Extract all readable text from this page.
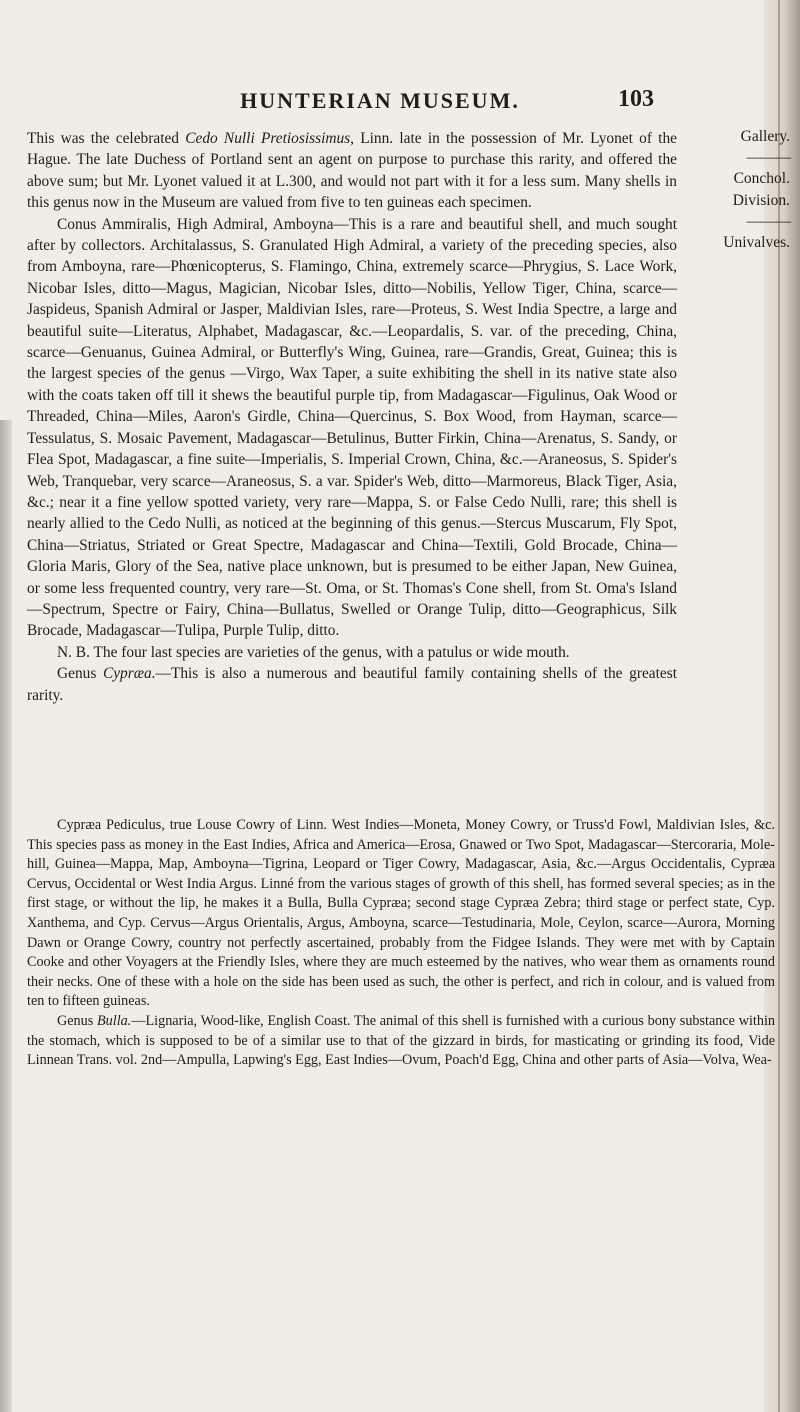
HUNTERIAN MUSEUM.	103
Gallery.
———
Conchol.
Division.
———
Univalves.

This was the celebrated Cedo Nulli Pretiosissimus, Linn. late in the possession of Mr. Lyonet of the Hague. The late Duchess of Portland sent an agent on purpose to purchase this rarity, and offered the above sum; but Mr. Lyonet valued it at L.300, and would not part with it for a less sum. Many shells in this genus now in the Museum are valued from five to ten guineas each specimen.

Conus Ammiralis, High Admiral, Amboyna—This is a rare and beautiful shell, and much sought after by collectors. Architalassus, S. Granulated High Admiral, a variety of the preceding species, also from Amboyna, rare—Phœnicopterus, S. Flamingo, China, extremely scarce—Phrygius, S. Lace Work, Nicobar Isles, ditto—Magus, Magician, Nicobar Isles, ditto—Nobilis, Yellow Tiger, China, scarce—Jaspideus, Spanish Admiral or Jasper, Maldivian Isles, rare—Proteus, S. West India Spectre, a large and beautiful suite—Literatus, Alphabet, Madagascar, &c.—Leopardalis, S. var. of the preceding, China, scarce—Genuanus, Guinea Admiral, or Butterfly's Wing, Guinea, rare—Grandis, Great, Guinea; this is the largest species of the genus —Virgo, Wax Taper, a suite exhibiting the shell in its native state also with the coats taken off till it shews the beautiful purple tip, from Madagascar—Figulinus, Oak Wood or Threaded, China—Miles, Aaron's Girdle, China—Quercinus, S. Box Wood, from Hayman, scarce—Tessulatus, S. Mosaic Pavement, Madagascar—Betulinus, Butter Firkin, China—Arenatus, S. Sandy, or Flea Spot, Madagascar, a fine suite—Imperialis, S. Imperial Crown, China, &c.—Araneosus, S. Spider's Web, Tranquebar, very scarce—Araneosus, S. a var. Spider's Web, ditto—Marmoreus, Black Tiger, Asia, &c.; near it a fine yellow spotted variety, very rare—Mappa, S. or False Cedo Nulli, rare; this shell is nearly allied to the Cedo Nulli, as noticed at the beginning of this genus.—Stercus Muscarum, Fly Spot, China—Striatus, Striated or Great Spectre, Madagascar and China—Textili, Gold Brocade, China—Gloria Maris, Glory of the Sea, native place unknown, but is presumed to be either Japan, New Guinea, or some less frequented country, very rare—St. Oma, or St. Thomas's Cone shell, from St. Oma's Island—Spectrum, Spectre or Fairy, China—Bullatus, Swelled or Orange Tulip, ditto—Geographicus, Silk Brocade, Madagascar—Tulipa, Purple Tulip, ditto.

N. B. The four last species are varieties of the genus, with a patulus or wide mouth.

Genus Cypræa.—This is also a numerous and beautiful family containing shells of the greatest rarity.

Cypræa Pediculus, true Louse Cowry of Linn. West Indies—Moneta, Money Cowry, or Truss'd Fowl, Maldivian Isles, &c. This species pass as money in the East Indies, Africa and America—Erosa, Gnawed or Two Spot, Madagascar—Stercoraria, Mole-hill, Guinea—Mappa, Map, Amboyna—Tigrina, Leopard or Tiger Cowry, Madagascar, Asia, &c.—Argus Occidentalis, Cypræa Cervus, Occidental or West India Argus. Linné from the various stages of growth of this shell, has formed several species; as in the first stage, or without the lip, he makes it a Bulla, Bulla Cypræa; second stage Cypræa Zebra; third stage or perfect state, Cyp. Xanthema, and Cyp. Cervus—Argus Orientalis, Argus, Amboyna, scarce—Testudinaria, Mole, Ceylon, scarce—Aurora, Morning Dawn or Orange Cowry, country not perfectly ascertained, probably from the Fidgee Islands. They were met with by Captain Cooke and other Voyagers at the Friendly Isles, where they are much esteemed by the natives, who wear them as ornaments round their necks. One of these with a hole on the side has been used as such, the other is perfect, and rich in colour, and is valued from ten to fifteen guineas.

Genus Bulla.—Lignaria, Wood-like, English Coast. The animal of this shell is furnished with a curious bony substance within the stomach, which is supposed to be of a similar use to that of the gizzard in birds, for masticating or grinding its food, Vide Linnean Trans. vol. 2nd—Ampulla, Lapwing's Egg, East Indies—Ovum, Poach'd Egg, China and other parts of Asia—Volva, Wea-
